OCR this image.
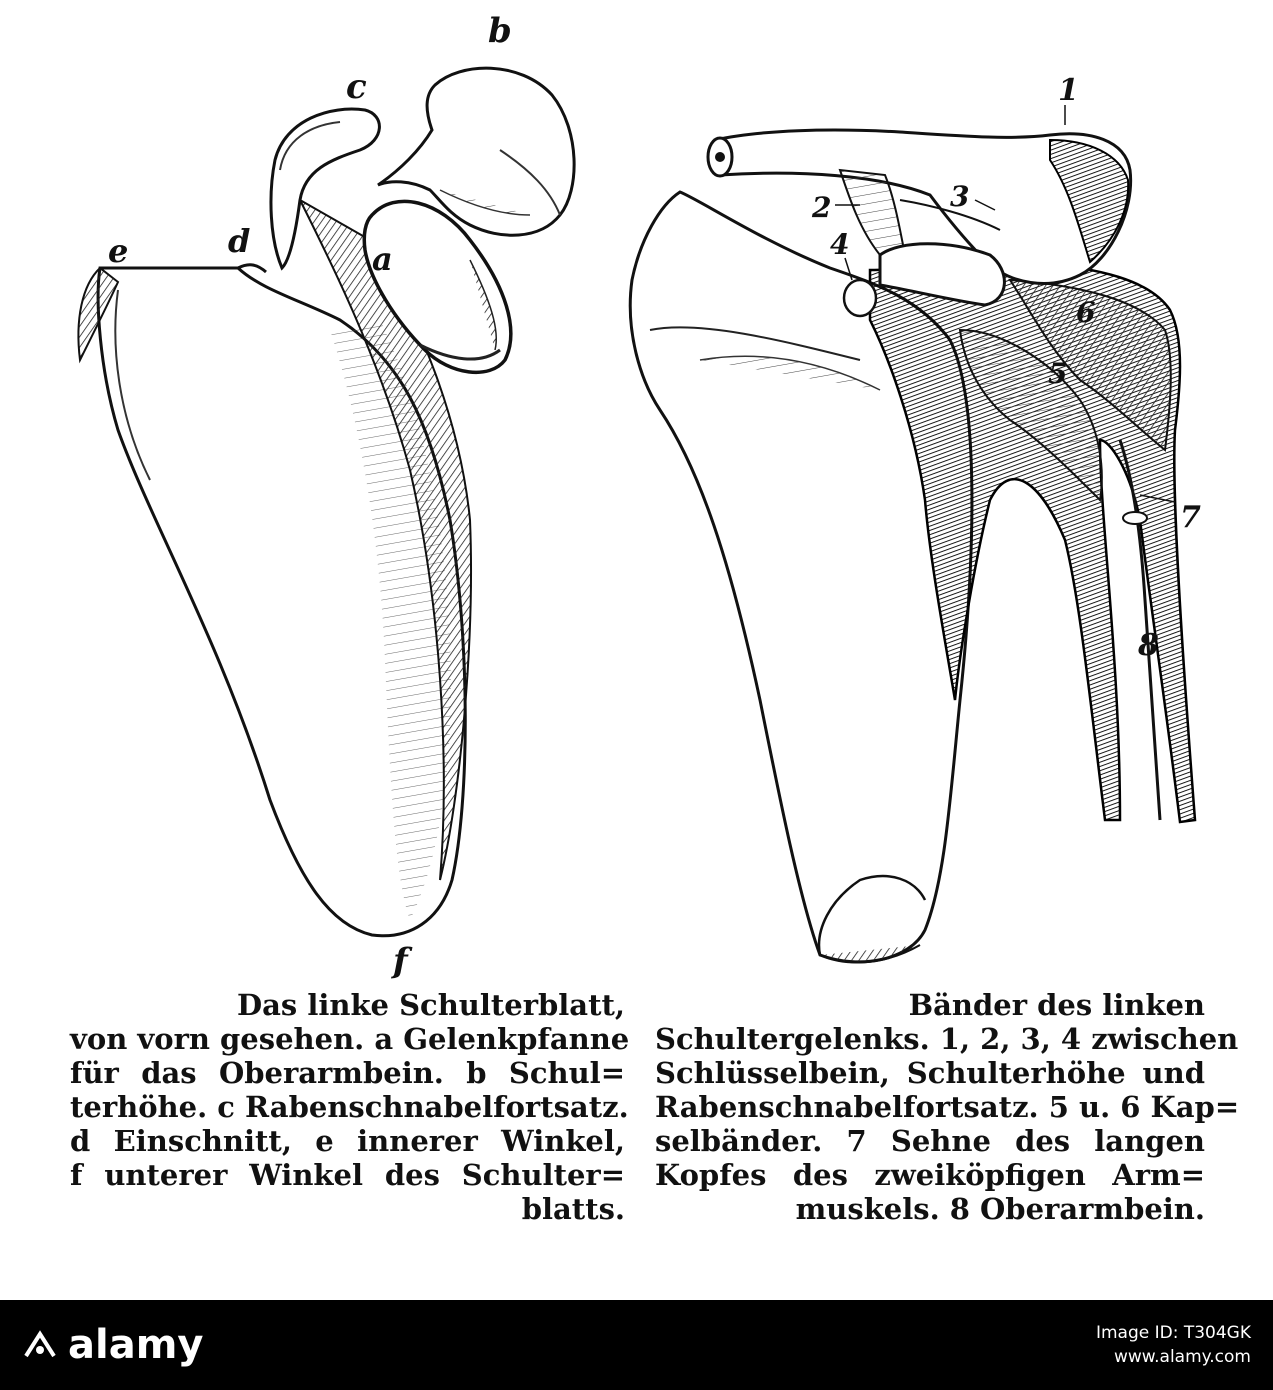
b
c
a
d
e
f
1
2	3
4
5
6
7
8
Das linke Schulterblatt,
von vorn gesehen. a Gelenkpfanne
für das Oberarmbein. b Schul=
terhöhe. c Rabenschnabelfortsatz.
d Einschnitt, e innerer Winkel,
f unterer Winkel des Schulter=
blatts.
Bänder des linken
Schultergelenks. 1, 2, 3, 4 zwischen
Schlüsselbein, Schulterhöhe und
Rabenschnabelfortsatz. 5 u. 6 Kap=
selbänder. 7 Sehne des langen
Kopfes des zweiköpfigen Arm=
muskels. 8 Oberarmbein.
alamy	Image ID: T304GK
www.alamy.com
